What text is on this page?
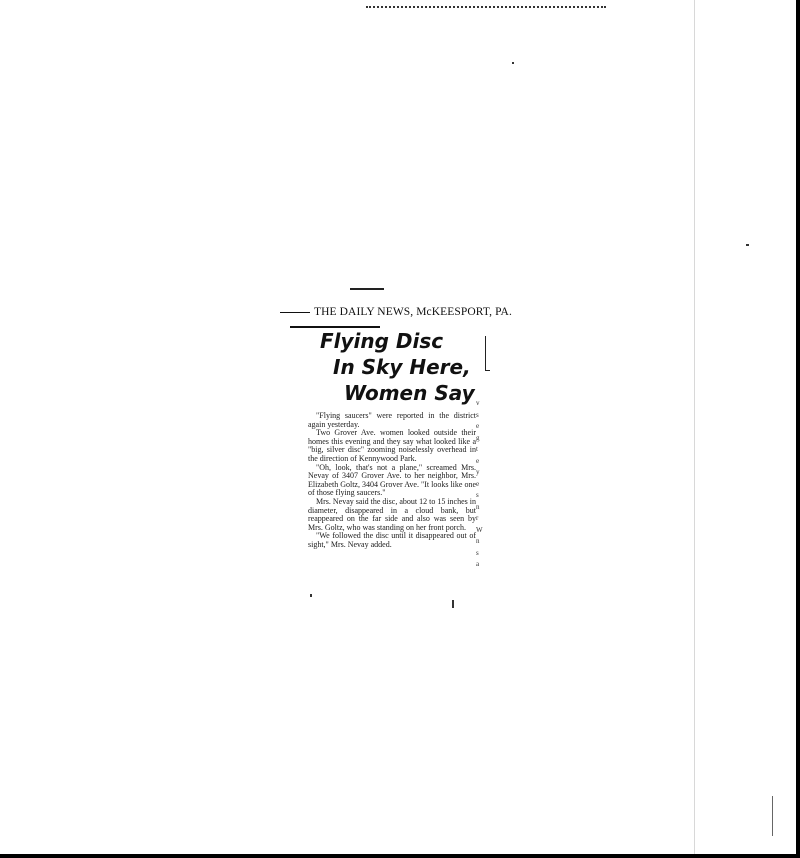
THE DAILY NEWS, McKEESPORT, PA.
Flying Disc
In Sky Here,
Women Say

"Flying saucers" were reported in the district again yesterday.

Two Grover Ave. women looked outside their homes this evening and they say what looked like a "big, silver disc" zooming noiselessly overhead in the direction of Kennywood Park.

"Oh, look, that's not a plane," screamed Mrs. Nevay of 3407 Grover Ave. to her neighbor, Mrs. Elizabeth Goltz, 3404 Grover Ave. "It looks like one of those flying saucers."

Mrs. Nevay said the disc, about 12 to 15 inches in diameter, disappeared in a cloud bank, but reappeared on the far side and also was seen by Mrs. Goltz, who was standing on her front porch.

"We followed the disc until it disappeared out of sight," Mrs. Nevay added.

v
s
e
g
t
e
y
e
s
n
r
W
n
s
a
